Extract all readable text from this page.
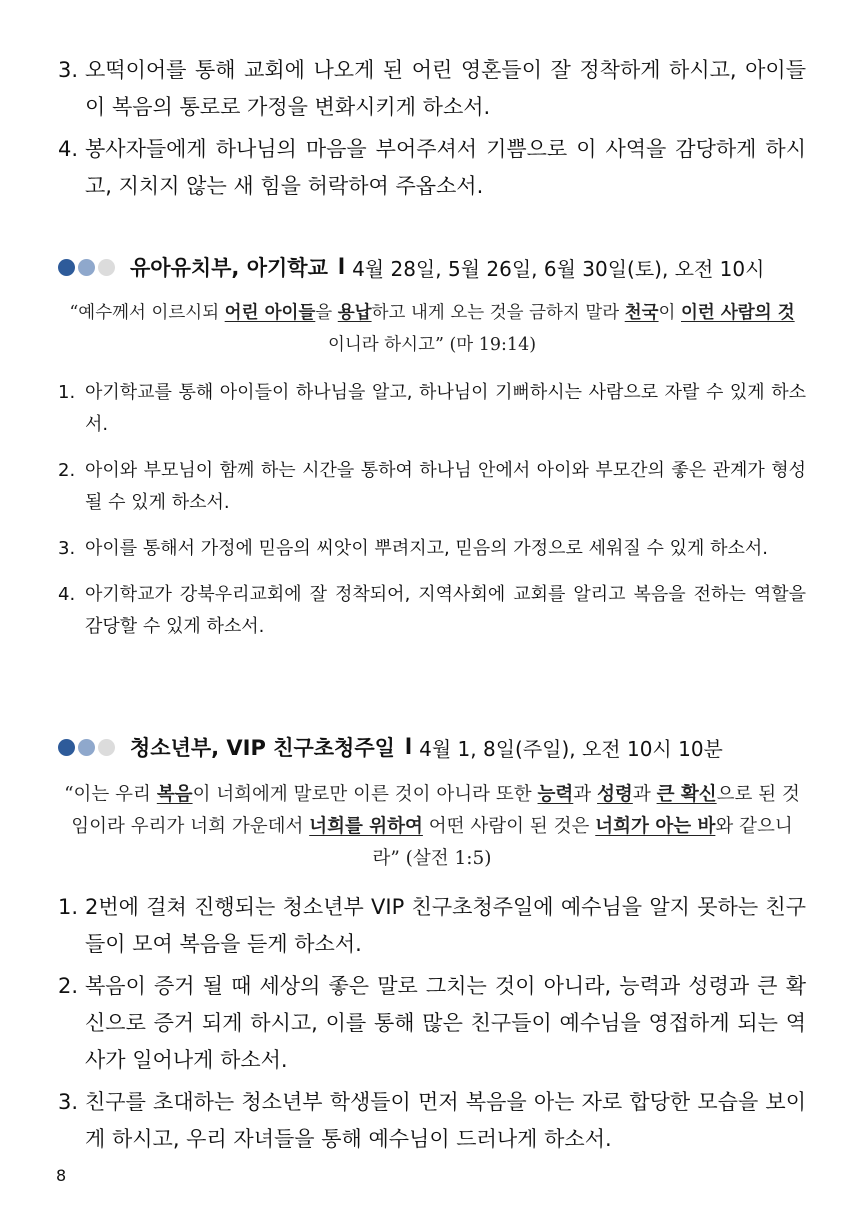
3. 오떡이어를 통해 교회에 나오게 된 어린 영혼들이 잘 정착하게 하시고, 아이들이 복음의 통로로 가정을 변화시키게 하소서.
4. 봉사자들에게 하나님의 마음을 부어주셔서 기쁨으로 이 사역을 감당하게 하시고, 지치지 않는 새 힘을 허락하여 주옵소서.
유아유치부, 아기학교 l 4월 28일, 5월 26일, 6월 30일(토), 오전 10시
“예수께서 이르시되 어린 아이들을 용납하고 내게 오는 것을 금하지 말라 천국이 이런 사람의 것이니라 하시고” (마 19:14)
1. 아기학교를 통해 아이들이 하나님을 알고, 하나님이 기뻐하시는 사람으로 자랄 수 있게 하소서.
2. 아이와 부모님이 함께 하는 시간을 통하여 하나님 안에서 아이와 부모간의 좋은 관계가 형성될 수 있게 하소서.
3. 아이를 통해서 가정에 믿음의 씨앗이 뿌려지고, 믿음의 가정으로 세워질 수 있게 하소서.
4. 아기학교가 강북우리교회에 잘 정착되어, 지역사회에 교회를 알리고 복음을 전하는 역할을 감당할 수 있게 하소서.
청소년부, VIP 친구초청주일 l 4월 1, 8일(주일), 오전 10시 10분
“이는 우리 복음이 너희에게 말로만 이른 것이 아니라 또한 능력과 성령과 큰 확신으로 된 것임이라 우리가 너희 가운데서 너희를 위하여 어떤 사람이 된 것은 너희가 아는 바와 같으니라” (살전 1:5)
1. 2번에 걸쳐 진행되는 청소년부 VIP 친구초청주일에 예수님을 알지 못하는 친구들이 모여 복음을 듣게 하소서.
2. 복음이 증거 될 때 세상의 좋은 말로 그치는 것이 아니라, 능력과 성령과 큰 확신으로 증거 되게 하시고, 이를 통해 많은 친구들이 예수님을 영접하게 되는 역사가 일어나게 하소서.
3. 친구를 초대하는 청소년부 학생들이 먼저 복음을 아는 자로 합당한 모습을 보이게 하시고, 우리 자녀들을 통해 예수님이 드러나게 하소서.
8
